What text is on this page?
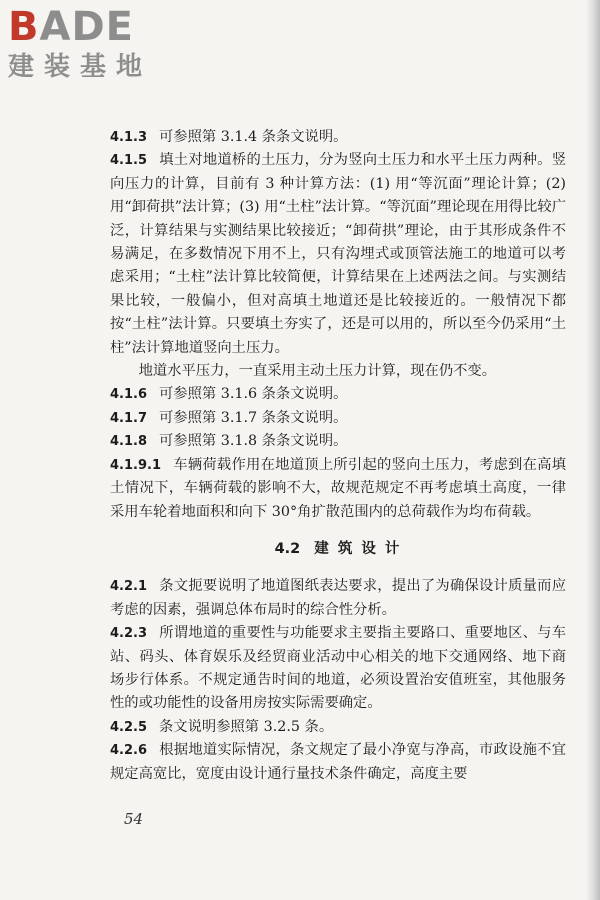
BADE
建装基地

4.1.3 可参照第 3.1.4 条条文说明。

4.1.5 填土对地道桥的土压力，分为竖向土压力和水平土压力两种。竖向压力的计算，目前有 3 种计算方法：(1) 用“等沉面”理论计算；(2) 用“卸荷拱”法计算；(3) 用“土柱”法计算。“等沉面”理论现在用得比较广泛，计算结果与实测结果比较接近；“卸荷拱”理论，由于其形成条件不易满足，在多数情况下用不上，只有沟埋式或顶管法施工的地道可以考虑采用；“土柱”法计算比较简便，计算结果在上述两法之间。与实测结果比较，一般偏小，但对高填土地道还是比较接近的。一般情况下都按“土柱”法计算。只要填土夯实了，还是可以用的，所以至今仍采用“土柱”法计算地道竖向土压力。

地道水平压力，一直采用主动土压力计算，现在仍不变。

4.1.6 可参照第 3.1.6 条条文说明。

4.1.7 可参照第 3.1.7 条条文说明。

4.1.8 可参照第 3.1.8 条条文说明。

4.1.9.1 车辆荷载作用在地道顶上所引起的竖向土压力，考虑到在高填土情况下，车辆荷载的影响不大，故规范规定不再考虑填土高度，一律采用车轮着地面积和向下 30°角扩散范围内的总荷载作为均布荷载。

4.2 建 筑 设 计

4.2.1 条文扼要说明了地道图纸表达要求，提出了为确保设计质量而应考虑的因素，强调总体布局时的综合性分析。

4.2.3 所谓地道的重要性与功能要求主要指主要路口、重要地区、与车站、码头、体育娱乐及经贸商业活动中心相关的地下交通网络、地下商场步行体系。不规定通告时间的地道，必须设置治安值班室，其他服务性的或功能性的设备用房按实际需要确定。

4.2.5 条文说明参照第 3.2.5 条。

4.2.6 根据地道实际情况，条文规定了最小净宽与净高，市政设施不宜规定高宽比，宽度由设计通行量技术条件确定，高度主要

54
